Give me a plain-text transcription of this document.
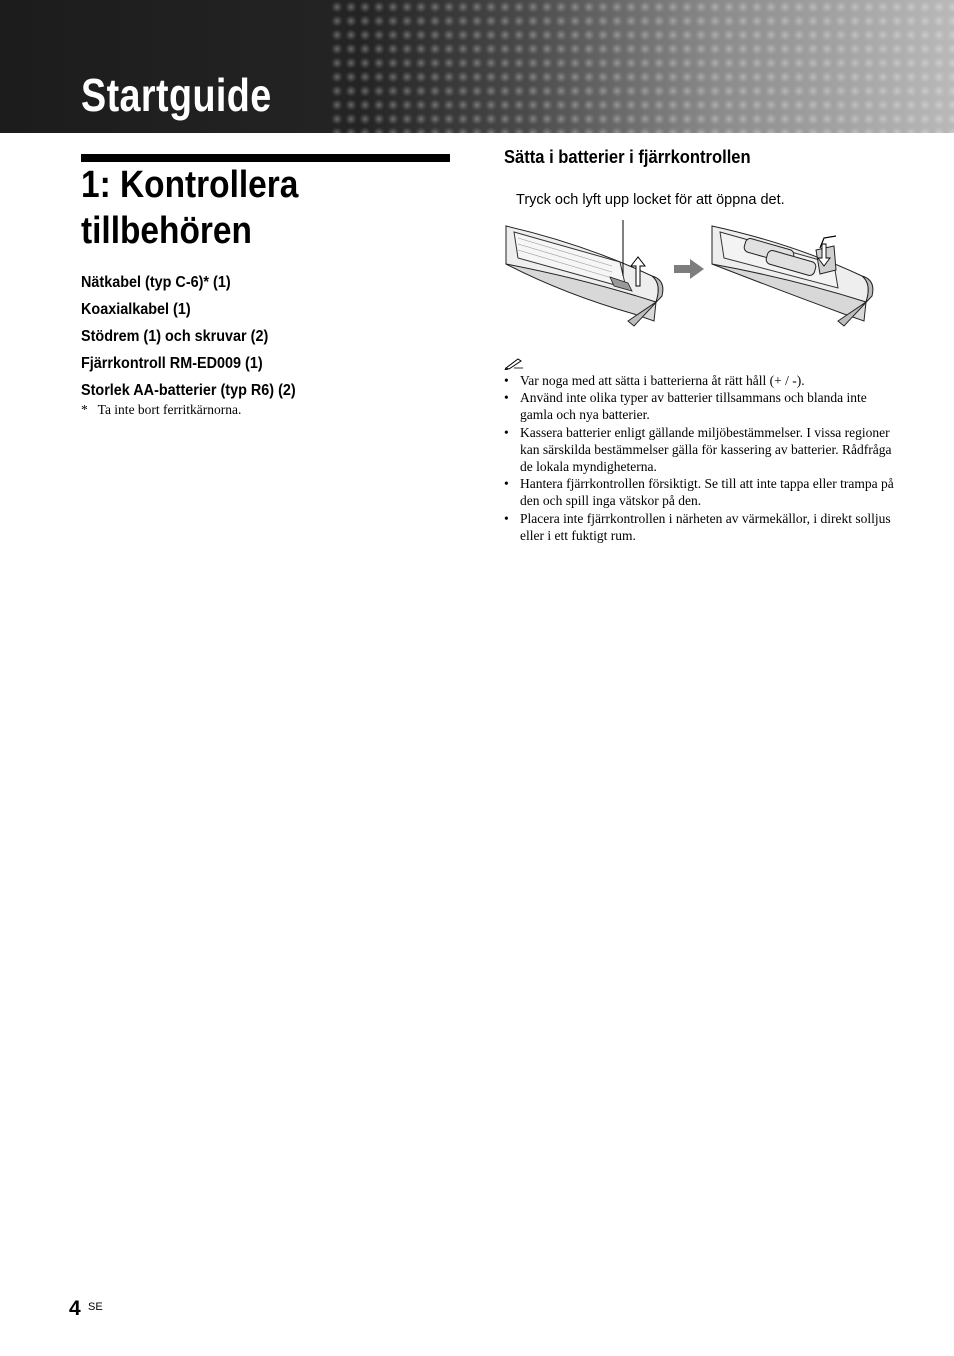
Startguide
1: Kontrollera
tillbehören
Nätkabel (typ C-6)* (1)
Koaxialkabel (1)
Stödrem (1) och skruvar (2)
Fjärrkontroll RM-ED009 (1)
Storlek AA-batterier (typ R6) (2)

* Ta inte bort ferritkärnorna.

Sätta i batterier i fjärrkontrollen

Tryck och lyft upp locket för att öppna det.

• Var noga med att sätta i batterierna åt rätt håll (+ / -).
• Använd inte olika typer av batterier tillsammans och blanda inte gamla och nya batterier.
• Kassera batterier enligt gällande miljöbestämmelser. I vissa regioner kan särskilda bestämmelser gälla för kassering av batterier. Rådfråga de lokala myndigheterna.
• Hantera fjärrkontrollen försiktigt. Se till att inte tappa eller trampa på den och spill inga vätskor på den.
• Placera inte fjärrkontrollen i närheten av värmekällor, i direkt solljus eller i ett fuktigt rum.

4 SE
